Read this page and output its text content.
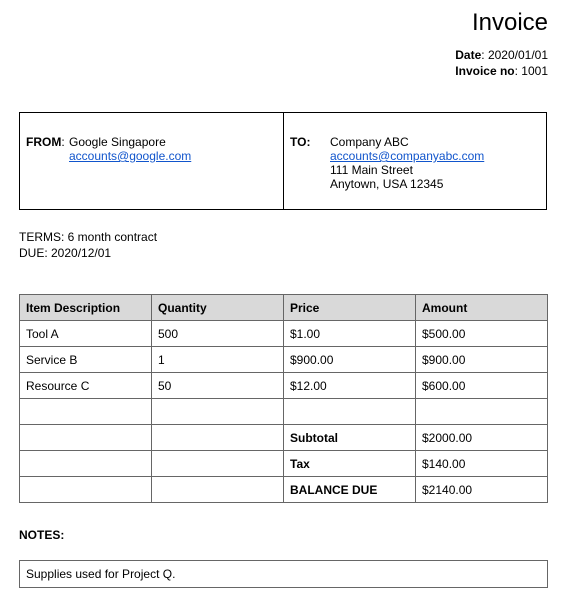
Invoice
Date: 2020/01/01
Invoice no: 1001
FROM: Google Singapore
accounts@google.com
TO: Company ABC
accounts@companyabc.com
111 Main Street
Anytown, USA 12345
TERMS: 6 month contract
DUE: 2020/12/01
Item Description	Quantity	Price	Amount
Tool A	500	$1.00	$500.00
Service B	1	$900.00	$900.00
Resource C	50	$12.00	$600.00

		Subtotal	$2000.00
		Tax	$140.00
		BALANCE DUE	$2140.00
NOTES:
Supplies used for Project Q.
